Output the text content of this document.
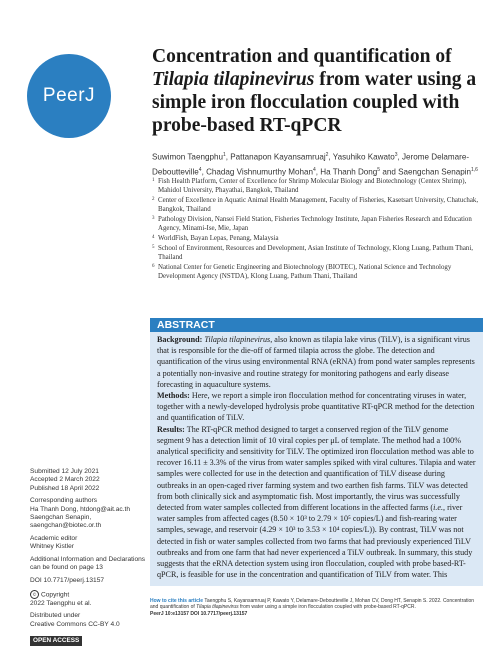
PeerJ
Concentration and quantification of
Tilapia tilapinevirus from water using a
simple iron flocculation coupled with
probe-based RT-qPCR
Suwimon Taengphu$^1$, Pattanapon Kayansamruaj$^2$, Yasuhiko Kawato$^3$, Jerome Delamare-Deboutteville$^4$, Chadag Vishnumurthy Mohan$^4$, Ha Thanh Dong$^5$ and Saengchan Senapin$^{1,6}$
1 Fish Health Platform, Center of Excellence for Shrimp Molecular Biology and Biotechnology (Centex Shrimp), Mahidol University, Phayathai, Bangkok, Thailand
2 Center of Excellence in Aquatic Animal Health Management, Faculty of Fisheries, Kasetsart University, Chatuchak, Bangkok, Thailand
3 Pathology Division, Nansei Field Station, Fisheries Technology Institute, Japan Fisheries Research and Education Agency, Minami-Ise, Mie, Japan
4 WorldFish, Bayan Lepas, Penang, Malaysia
5 School of Environment, Resources and Development, Asian Institute of Technology, Klong Luang, Pathum Thani, Thailand
6 National Center for Genetic Engineering and Biotechnology (BIOTEC), National Science and Technology Development Agency (NSTDA), Klong Luang, Pathum Thani, Thailand
Submitted 12 July 2021
Accepted 2 March 2022
Published 18 April 2022
Corresponding authors
Ha Thanh Dong, htdong@ait.ac.th
Saengchan Senapin,
saengchan@biotec.or.th
Academic editor
Whitney Kistler
Additional Information and Declarations can be found on page 13
DOI 10.7717/peerj.13157
© Copyright
2022 Taengphu et al.
Distributed under
Creative Commons CC-BY 4.0
OPEN ACCESS
ABSTRACT

Background: Tilapia tilapinevirus, also known as tilapia lake virus (TiLV), is a significant virus that is responsible for the die-off of farmed tilapia across the globe. The detection and quantification of the virus using environmental RNA (eRNA) from pond water samples represents a potentially non-invasive and routine strategy for monitoring pathogens and early disease forecasting in aquaculture systems.

Methods: Here, we report a simple iron flocculation method for concentrating viruses in water, together with a newly-developed hydrolysis probe quantitative RT-qPCR method for the detection and quantification of TiLV.

Results: The RT-qPCR method designed to target a conserved region of the TiLV genome segment 9 has a detection limit of 10 viral copies per μL of template. The method had a 100% analytical specificity and sensitivity for TiLV. The optimized iron flocculation method was able to recover 16.11 ± 3.3% of the virus from water samples spiked with viral cultures. Tilapia and water samples were collected for use in the detection and quantification of TiLV disease during outbreaks in an open-caged river farming system and two earthen fish farms. TiLV was detected from both clinically sick and asymptomatic fish. Most importantly, the virus was successfully detected from water samples collected from different locations in the affected farms (i.e., river water samples from affected cages (8.50 × 10³ to 2.79 × 10⁵ copies/L) and fish-rearing water samples, sewage, and reservoir (4.29 × 10³ to 3.53 × 10⁴ copies/L)). By contrast, TiLV was not detected in fish or water samples collected from two farms that had previously experienced TiLV outbreaks and from one farm that had never experienced a TiLV outbreak. In summary, this study suggests that the eRNA detection system using iron flocculation, coupled with probe based-RT-qPCR, is feasible for use in the concentration and quantification of TiLV from water. This

How to cite this article Taengphu S, Kayansamruaj P, Kawato Y, Delamare-Deboutteville J, Mohan CV, Dong HT, Senapin S. 2022. Concentration and quantification of Tilapia tilapinevirus from water using a simple iron flocculation coupled with probe-based RT-qPCR.
PeerJ 10:e13157 DOI 10.7717/peerj.13157
